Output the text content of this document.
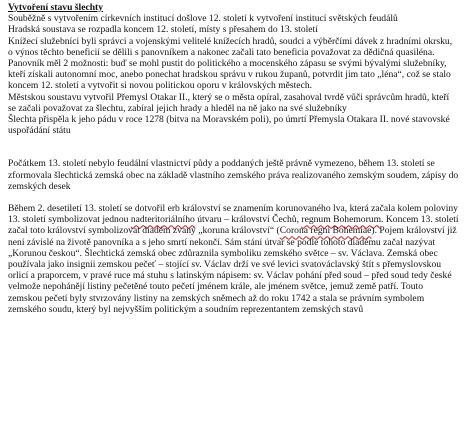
Vytvoření stavu šlechty

Souběžně s vytvořením církevních institucí došlove 12. století k vytvoření institucí světských feudálů

Hradská soustava se rozpadla koncem 12. století, místy s přesahem do 13. století

Knížecí služebníci byli správci a vojenskými velitelé knížecích hradů, soudci a výběrčími dávek z hradními okrsku, o výnos těchto beneficií se dělili s panovníkem a nakonec začali tato beneficia považovat za dědičná quasiléna. Panovník měl 2 možnosti: buď se mohl pustit do politického a mocenského zápasu se svými bývalými služebníky, kteří získali autonomní moc, anebo ponechat hradskou správu v rukou županů, potvrdit jim tato „léna“, což se stalo koncem 12. století a vytvořit si novou politickou oporu v královských městech.

Městskou soustavu vytvořil Přemysl Otakar II., který se o města opíral, zasahoval tvrdě vůči správcům hradů, kteří se začali považovat za šlechtu, zabíral jejich hrady a hleděl na ně jako na své služebníky

Šlechta přispěla k jeho pádu v roce 1278 (bitva na Moravském poli), po úmrtí Přemysla Otakara II. nové stavovské uspořádání státu

Počátkem 13. století nebylo feudální vlastnictví půdy a poddaných ještě právně vymezeno, během 13. století se zformovala šlechtická zemská obec na základě vlastního zemského práva realizovaného zemským soudem, zápisy do zemských desek

Během 2. desetiletí 13. století se dotvořil erb království se znamením korunovaného lva, která začala kolem poloviny 13. století symbolizovat jednou nadteritoriálního útvaru – království Čechů, regnum Bohemorum. Koncem 13. století začal toto království symbolizovat diadém zvaný „koruna království“ (Corona regni Bohemiae). Pojem království již není závislé na životě panovníka a s jeho smrtí nekončí. Sám stání útvar se podle tohoto diadému začal nazývat „Korunou českou“. Šlechtická zemská obec zdůraznila symboliku zemského světce – sv. Václava. Zemská obec používala jako insignii zemskou pečeť – stojící sv. Václav drží ve své levici svatováclavský štít s přemyslovskou orlicí a praporcem, v pravé ruce má stuhu s latinským nápisem: sv. Václav pohání před soud – před soud tedy české velmože nepohánějí listiny pečetěné touto pečetí jménem krále, ale jménem světce, jemuž země patří. Touto zemskou pečetí byly stvrzovány listiny na zemských sněmech až do roku 1742 a stala se právním symbolem zemského soudu, který byl nejvyšším politickým a soudním reprezentantem zemských stavů
